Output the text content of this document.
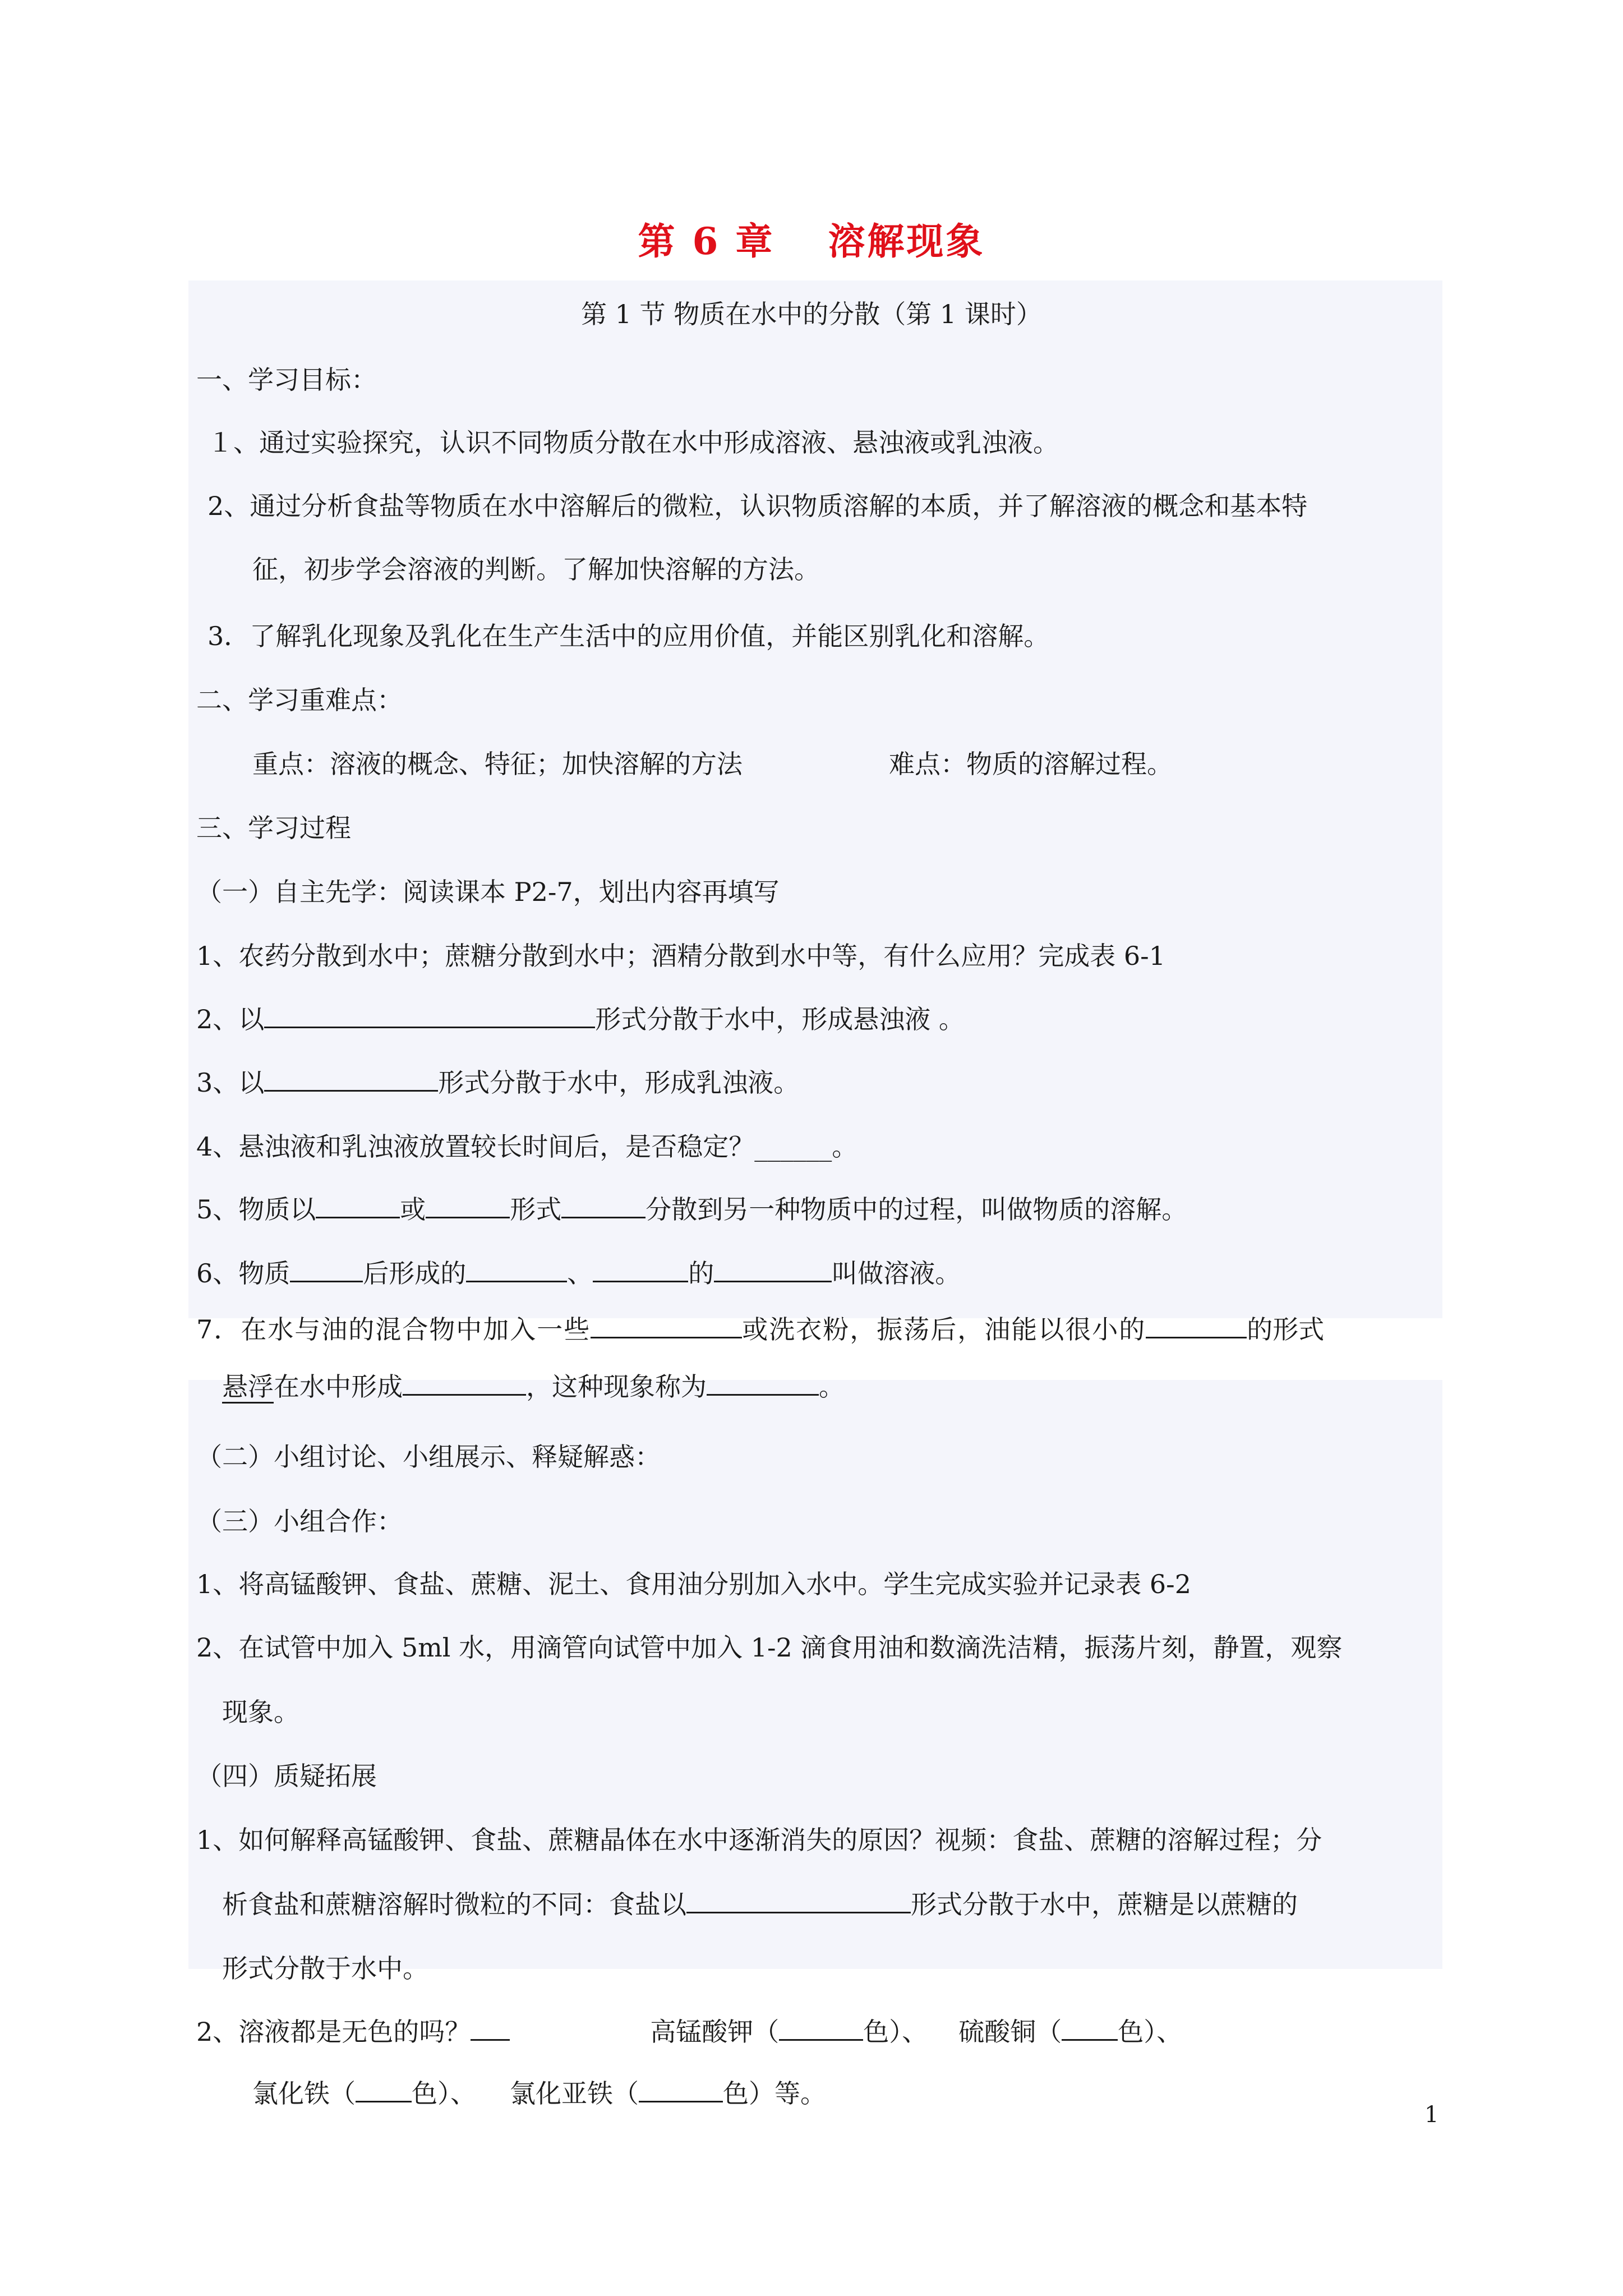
第 6 章 溶解现象
第 1 节 物质在水中的分散（第 1 课时）
一、学习目标：
１、通过实验探究，认识不同物质分散在水中形成溶液、悬浊液或乳浊液。
2、通过分析食盐等物质在水中溶解后的微粒，认识物质溶解的本质，并了解溶液的概念和基本特
征，初步学会溶液的判断。了解加快溶解的方法。
3．了解乳化现象及乳化在生产生活中的应用价值，并能区别乳化和溶解。
二、学习重难点：
重点：溶液的概念、特征；加快溶解的方法	难点：物质的溶解过程。
三、学习过程
（一）自主先学：阅读课本 P2-7，划出内容再填写
1、农药分散到水中；蔗糖分散到水中；酒精分散到水中等，有什么应用？完成表 6-1
2、以	形式分散于水中，形成悬浊液 。
3、以	形式分散于水中，形成乳浊液。
4、悬浊液和乳浊液放置较长时间后，是否稳定？______。
5、物质以	或	形式	分散到另一种物质中的过程，叫做物质的溶解。
6、物质	后形成的	、	的	叫做溶液。
7．在水与油的混合物中加入一些	或洗衣粉，振荡后，油能以很小的	的形式
悬浮在水中形成	，这种现象称为	。
（二）小组讨论、小组展示、释疑解惑：
（三）小组合作：
1、将高锰酸钾、食盐、蔗糖、泥土、食用油分别加入水中。学生完成实验并记录表 6-2
2、在试管中加入 5ml 水，用滴管向试管中加入 1-2 滴食用油和数滴洗洁精，振荡片刻，静置，观察
现象。
（四）质疑拓展
1、如何解释高锰酸钾、食盐、蔗糖晶体在水中逐渐消失的原因？视频：食盐、蔗糖的溶解过程；分
析食盐和蔗糖溶解时微粒的不同：食盐以	形式分散于水中，蔗糖是以蔗糖的
形式分散于水中。
2、溶液都是无色的吗？	高锰酸钾（	色）、 硫酸铜（ 色）、
氯化铁（ 色）、 氯化亚铁（	色）等。
1
